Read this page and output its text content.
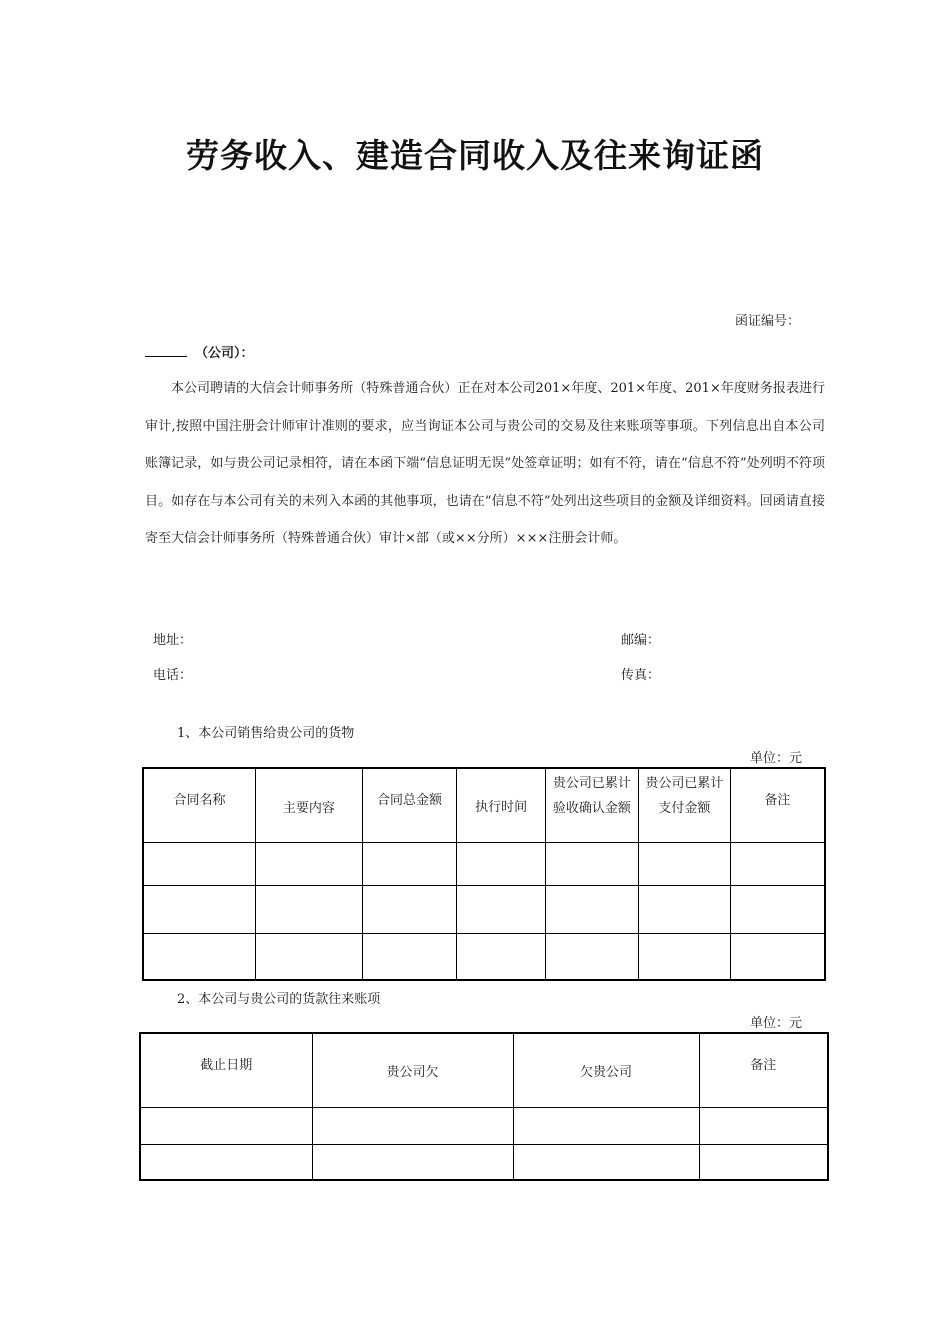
劳务收入、建造合同收入及往来询证函
函证编号：
（公司）：

本公司聘请的大信会计师事务所（特殊普通合伙）正在对本公司201×年度、201×年度、201×年度财务报表进行审计,按照中国注册会计师审计准则的要求，应当询证本公司与贵公司的交易及往来账项等事项。下列信息出自本公司账簿记录，如与贵公司记录相符，请在本函下端“信息证明无误”处签章证明；如有不符，请在“信息不符”处列明不符项目。如存在与本公司有关的未列入本函的其他事项，也请在“信息不符”处列出这些项目的金额及详细资料。回函请直接寄至大信会计师事务所（特殊普通合伙）审计×部（或××分所）×××注册会计师。

地址：	邮编：
电话：	传真：
1、本公司销售给贵公司的货物
单位：元
合同名称	主要内容	合同总金额	执行时间	贵公司已累计验收确认金额	贵公司已累计支付金额	备注

2、本公司与贵公司的货款往来账项
单位：元
截止日期	贵公司欠	欠贵公司	备注
